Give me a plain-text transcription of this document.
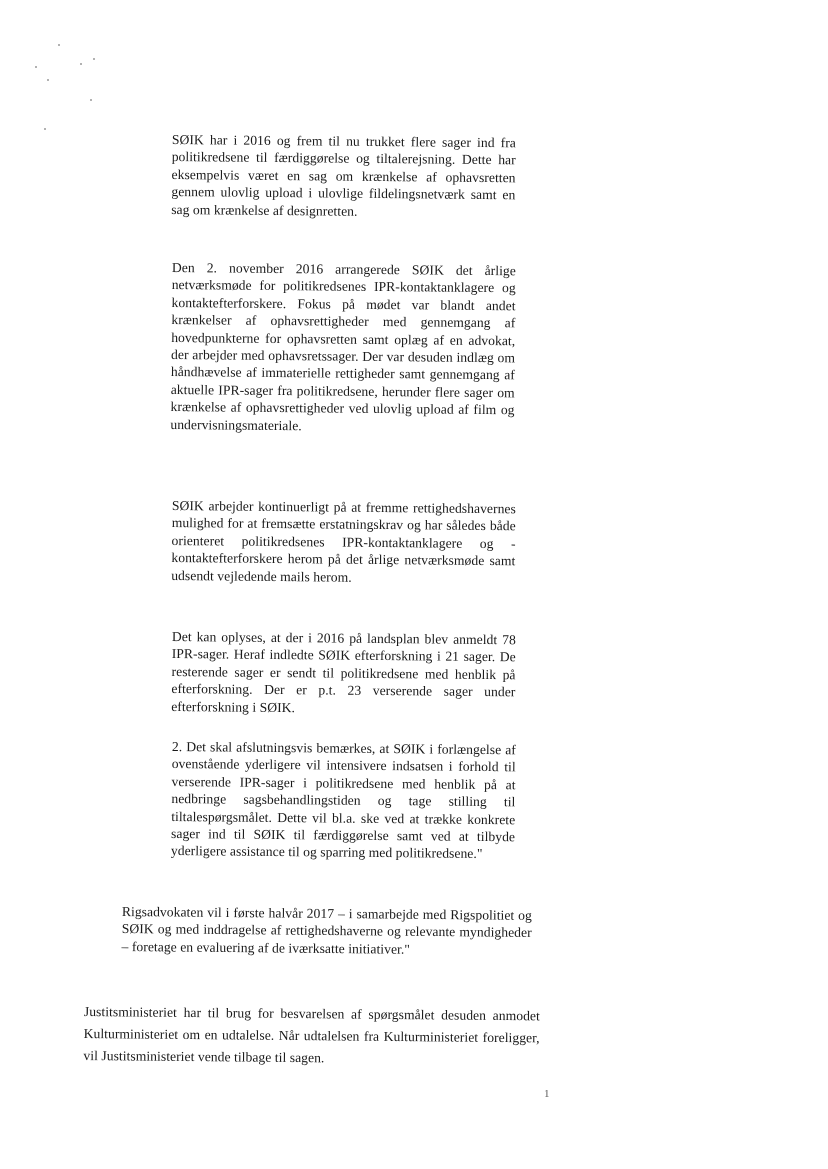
SØIK har i 2016 og frem til nu trukket flere sager ind fra politikredsene til færdiggørelse og tiltalerejsning. Dette har eksempelvis været en sag om krænkelse af ophavsretten gennem ulovlig upload i ulovlige fildelingsnetværk samt en sag om krænkelse af designretten.

Den 2. november 2016 arrangerede SØIK det årlige netværksmøde for politikredsenes IPR-kontaktanklagere og kontaktefterforskere. Fokus på mødet var blandt andet krænkelser af ophavsrettigheder med gennemgang af hovedpunkterne for ophavsretten samt oplæg af en advokat, der arbejder med ophavsretssager. Der var desuden indlæg om håndhævelse af immaterielle rettigheder samt gennemgang af aktuelle IPR-sager fra politikredsene, herunder flere sager om krænkelse af ophavsrettigheder ved ulovlig upload af film og undervisningsmateriale.

SØIK arbejder kontinuerligt på at fremme rettighedshavernes mulighed for at fremsætte erstatningskrav og har således både orienteret politikredsenes IPR-kontaktanklagere og -kontaktefterforskere herom på det årlige netværksmøde samt udsendt vejledende mails herom.

Det kan oplyses, at der i 2016 på landsplan blev anmeldt 78 IPR-sager. Heraf indledte SØIK efterforskning i 21 sager. De resterende sager er sendt til politikredsene med henblik på efterforskning. Der er p.t. 23 verserende sager under efterforskning i SØIK.

2. Det skal afslutningsvis bemærkes, at SØIK i forlængelse af ovenstående yderligere vil intensivere indsatsen i forhold til verserende IPR-sager i politikredsene med henblik på at nedbringe sagsbehandlingstiden og tage stilling til tiltalespørgsmålet. Dette vil bl.a. ske ved at trække konkrete sager ind til SØIK til færdiggørelse samt ved at tilbyde yderligere assistance til og sparring med politikredsene."

Rigsadvokaten vil i første halvår 2017 – i samarbejde med Rigspolitiet og SØIK og med inddragelse af rettighedshaverne og relevante myndigheder – foretage en evaluering af de iværksatte initiativer."

Justitsministeriet har til brug for besvarelsen af spørgsmålet desuden anmodet Kulturministeriet om en udtalelse. Når udtalelsen fra Kulturministeriet foreligger, vil Justitsministeriet vende tilbage til sagen.

1
